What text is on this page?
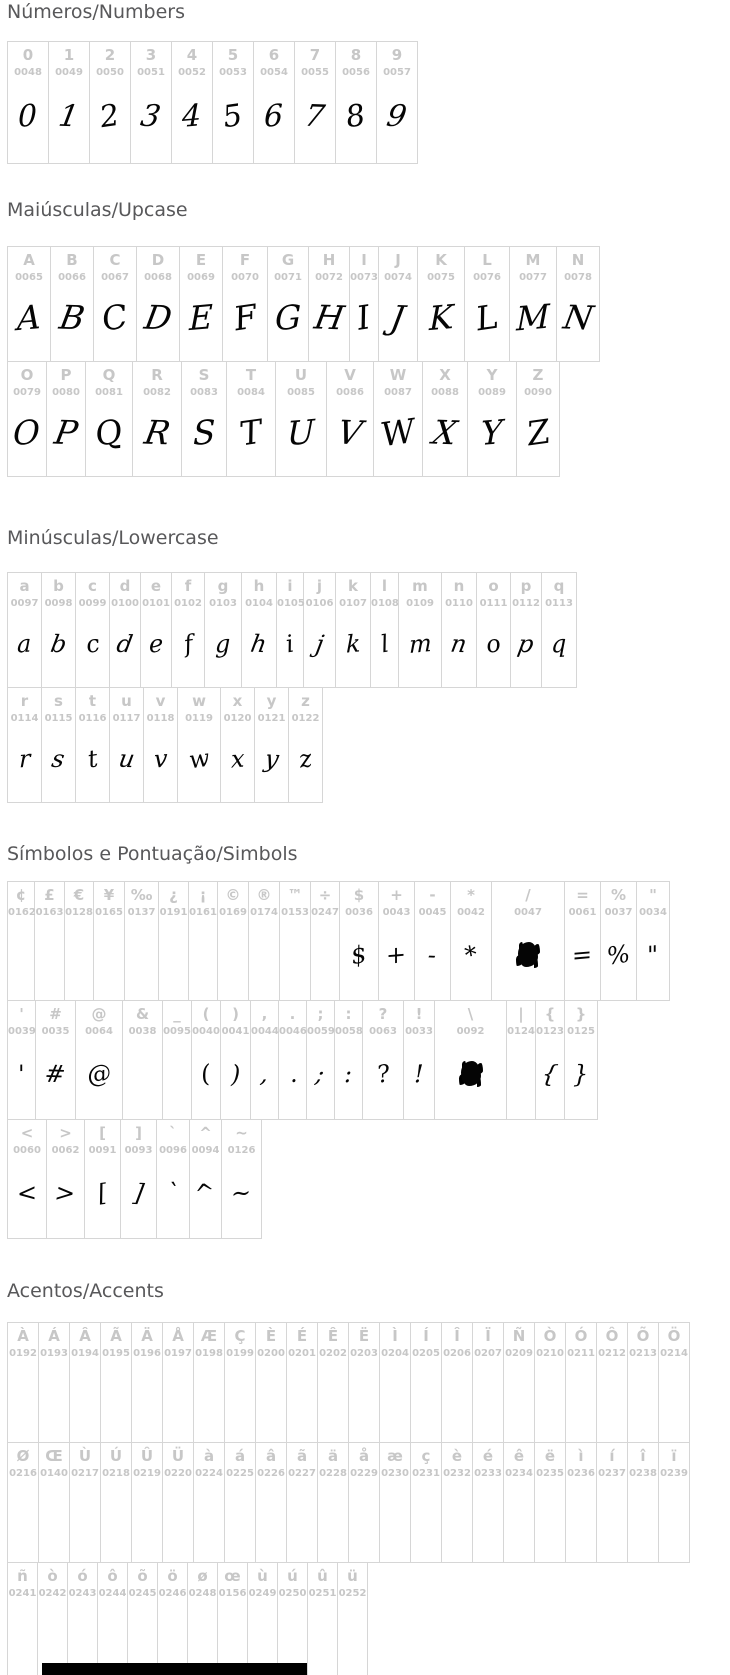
Números/Numbers
0
0048
0
1
0049
1
2
0050
2
3
0051
3
4
0052
4
5
0053
5
6
0054
6
7
0055
7
8
0056
8
9
0057
9
Maiúsculas/Upcase
A
0065
A
B
0066
B
C
0067
C
D
0068
D
E
0069
E
F
0070
F
G
0071
G
H
0072
H
I
0073
I
J
0074
J
K
0075
K
L
0076
L
M
0077
M
N
0078
N
O
0079
O
P
0080
P
Q
0081
Q
R
0082
R
S
0083
S
T
0084
T
U
0085
U
V
0086
V
W
0087
W
X
0088
X
Y
0089
Y
Z
0090
Z
Minúsculas/Lowercase
a
0097
a
b
0098
b
c
0099
c
d
0100
d
e
0101
e
f
0102
f
g
0103
g
h
0104
h
i
0105
i
j
0106
j
k
0107
k
l
0108
l
m
0109
m
n
0110
n
o
0111
o
p
0112
p
q
0113
q
r
0114
r
s
0115
s
t
0116
t
u
0117
u
v
0118
v
w
0119
w
x
0120
x
y
0121
y
z
0122
z
Símbolos e Pontuação/Simbols
¢
0162
£
0163
€
0128
¥
0165
‰
0137
¿
0191
¡
0161
©
0169
®
0174
™
0153
÷
0247
$
0036
$
+
0043
+
-
0045
-
*
0042
*
/
0047
=
0061
=
%
0037
%
"
0034
"
'
0039
'
#
0035
#
@
0064
@
&
0038
_
0095
(
0040
(
)
0041
)
,
0044
,
.
0046
.
;
0059
;
:
0058
:
?
0063
?
!
0033
!
\
0092
|
0124
{
0123
{
}
0125
}
<
0060
<
>
0062
>
[
0091
[
]
0093
]
`
0096
`
^
0094
^
~
0126
~
Acentos/Accents
À
0192
Á
0193
Â
0194
Ã
0195
Ä
0196
Å
0197
Æ
0198
Ç
0199
È
0200
É
0201
Ê
0202
Ë
0203
Ì
0204
Í
0205
Î
0206
Ï
0207
Ñ
0209
Ò
0210
Ó
0211
Ô
0212
Õ
0213
Ö
0214
Ø
0216
Œ
0140
Ù
0217
Ú
0218
Û
0219
Ü
0220
à
0224
á
0225
â
0226
ã
0227
ä
0228
å
0229
æ
0230
ç
0231
è
0232
é
0233
ê
0234
ë
0235
ì
0236
í
0237
î
0238
ï
0239
ñ
0241
ò
0242
ó
0243
ô
0244
õ
0245
ö
0246
ø
0248
œ
0156
ù
0249
ú
0250
û
0251
ü
0252
